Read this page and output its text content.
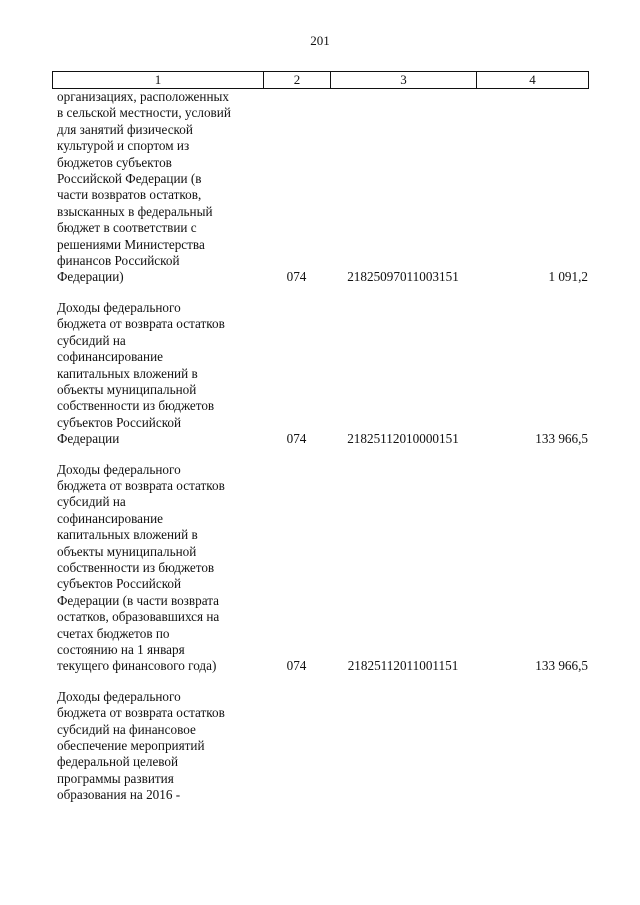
201
1	2	3	4
организациях, расположенных
в сельской местности, условий
для занятий физической
культурой и спортом из
бюджетов субъектов
Российской Федерации (в
части возвратов остатков,
взысканных в федеральный
бюджет в соответствии с
решениями Министерства
финансов Российской
Федерации)	074	21825097011003151	1 091,2
Доходы федерального
бюджета от возврата остатков
субсидий на
софинансирование
капитальных вложений в
объекты муниципальной
собственности из бюджетов
субъектов Российской
Федерации	074	21825112010000151	133 966,5
Доходы федерального
бюджета от возврата остатков
субсидий на
софинансирование
капитальных вложений в
объекты муниципальной
собственности из бюджетов
субъектов Российской
Федерации (в части возврата
остатков, образовавшихся на
счетах бюджетов по
состоянию на 1 января
текущего финансового года)	074	21825112011001151	133 966,5
Доходы федерального
бюджета от возврата остатков
субсидий на финансовое
обеспечение мероприятий
федеральной целевой
программы развития
образования на 2016 -
